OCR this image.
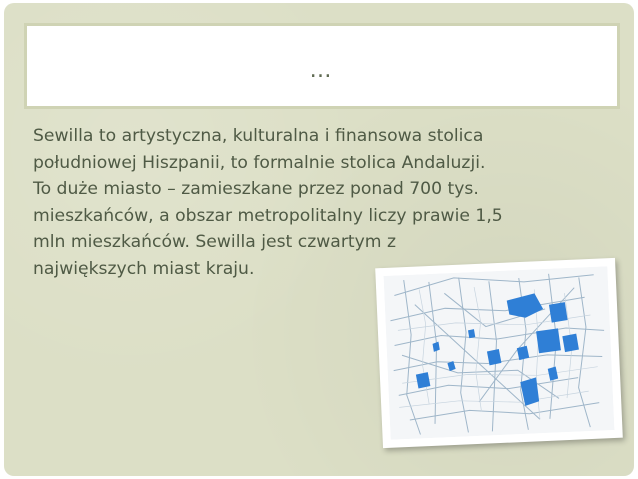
…
Sewilla to artystyczna, kulturalna i finansowa stolica
południowej Hiszpanii, to formalnie stolica Andaluzji.
To duże miasto – zamieszkane przez ponad 700 tys.
mieszkańców, a obszar metropolitalny liczy prawie 1,5
mln mieszkańców. Sewilla jest czwartym z
największych miast kraju.
